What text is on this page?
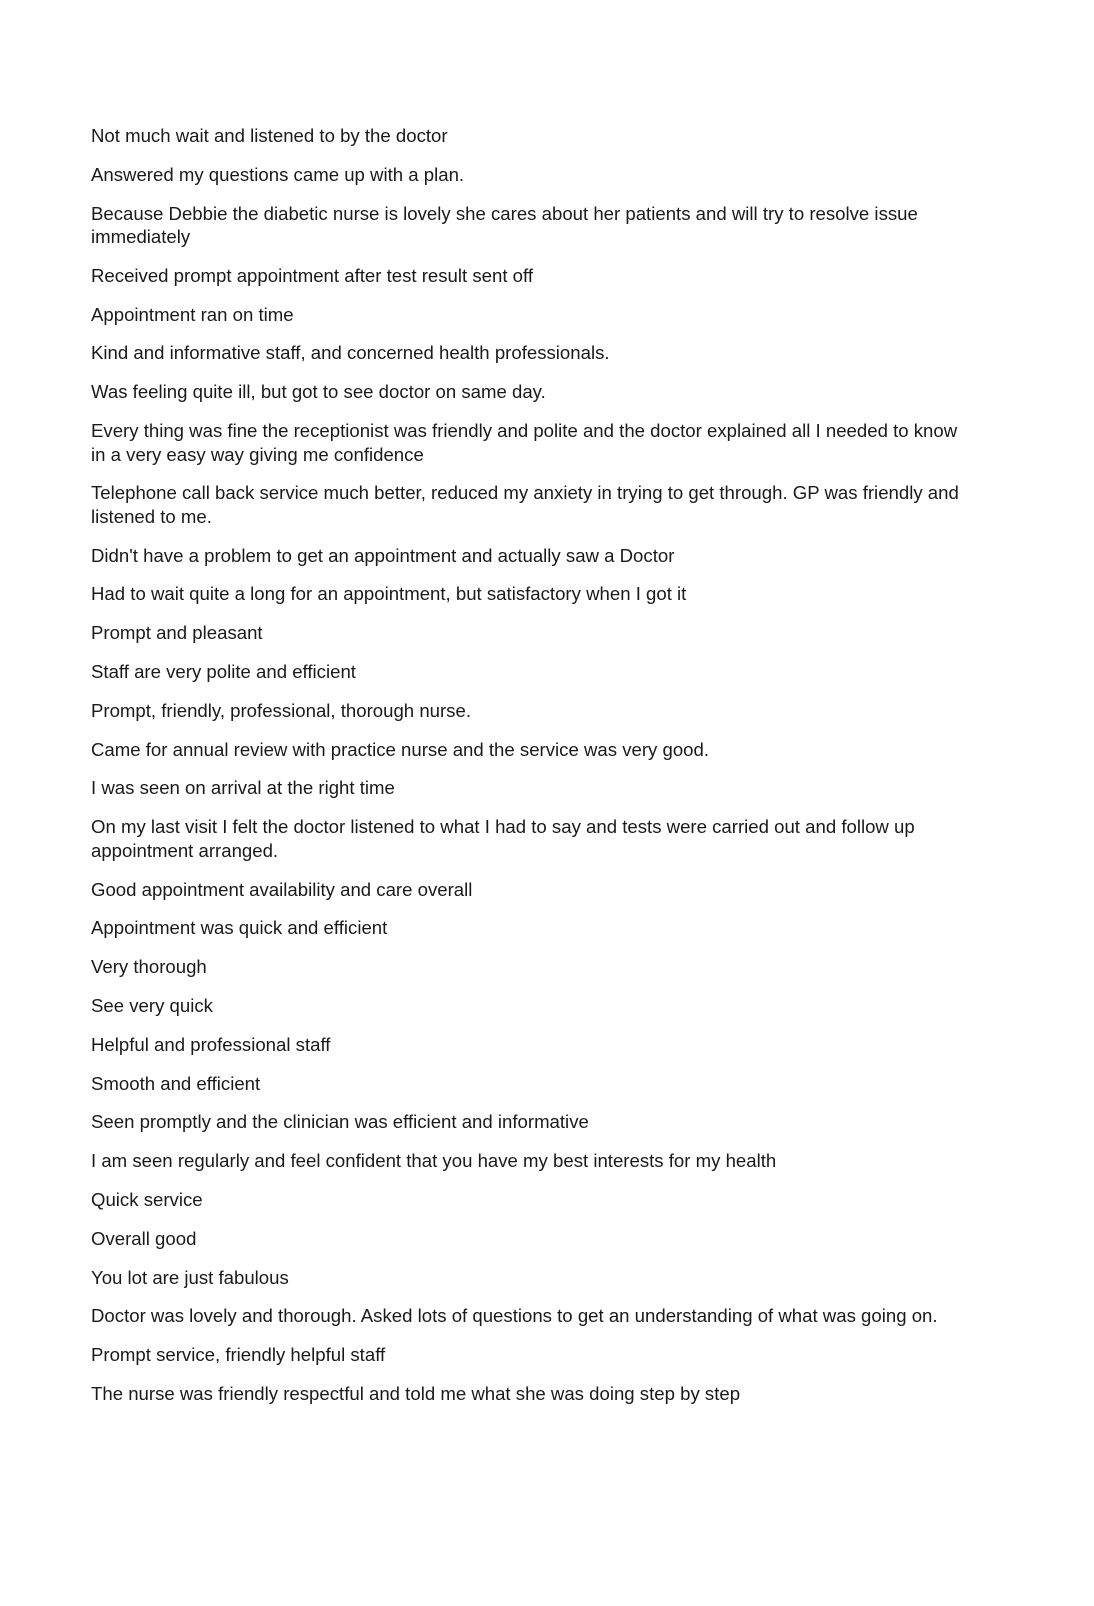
Not much wait and listened to by the doctor
Answered my questions came up with a plan.
Because Debbie the diabetic nurse is lovely she cares about her patients and will try to resolve issue immediately
Received prompt appointment after test result sent off
Appointment ran on time
Kind and informative staff, and concerned health professionals.
Was feeling quite ill, but got to see doctor on same day.
Every thing was fine the receptionist was friendly and polite and the doctor explained all I needed to know in a very easy way giving me confidence
Telephone call back service much better, reduced my anxiety in trying to get through. GP was friendly and listened to me.
Didn't have a problem to get an appointment and actually saw a Doctor
Had to wait quite a long for an appointment, but satisfactory when I got it
Prompt and pleasant
Staff are very polite and efficient
Prompt, friendly, professional, thorough nurse.
Came for annual review with practice nurse and the service was very good.
I was seen on arrival at the right time
On my last visit I felt the doctor listened to what I had to say and tests were carried out and follow up appointment arranged.
Good appointment availability and care overall
Appointment was quick and efficient
Very thorough
See very quick
Helpful and professional staff
Smooth and efficient
Seen promptly and the clinician was efficient and informative
I am seen regularly and feel confident that you have my best interests for my health
Quick service
Overall good
You lot are just fabulous
Doctor was lovely and thorough. Asked lots of questions to get an understanding of what was going on.
Prompt service, friendly helpful staff
The nurse was friendly respectful and told me what she was doing step by step
